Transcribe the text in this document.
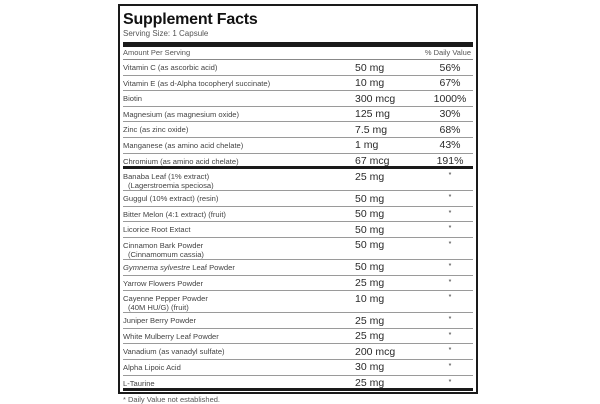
Supplement Facts
Serving Size: 1 Capsule
Amount Per Serving	% Daily Value
Vitamin C (as ascorbic acid)	50 mg	56%
Vitamin E (as d-Alpha tocopheryl succinate)	10 mg	67%
Biotin	300 mcg	1000%
Magnesium (as magnesium oxide)	125 mg	30%
Zinc (as zinc oxide)	7.5 mg	68%
Manganese (as amino acid chelate)	1 mg	43%
Chromium (as amino acid chelate)	67 mcg	191%
Banaba Leaf (1% extract)
(Lagerstroemia speciosa)
25 mg	*
Guggul (10% extract) (resin)	50 mg	*
Bitter Melon (4:1 extract) (fruit)	50 mg	*
Licorice Root Extact	50 mg	*
Cinnamon Bark Powder
(Cinnamomum cassia)
50 mg	*
Gymnema sylvestre Leaf Powder	50 mg	*
Yarrow Flowers Powder	25 mg	*
Cayenne Pepper Powder
(40M HU/G) (fruit)
10 mg	*
Juniper Berry Powder	25 mg	*
White Mulberry Leaf Powder	25 mg	*
Vanadium (as vanadyl sulfate)	200 mcg	*
Alpha Lipoic Acid	30 mg	*
L-Taurine	25 mg	*
* Daily Value not established.
